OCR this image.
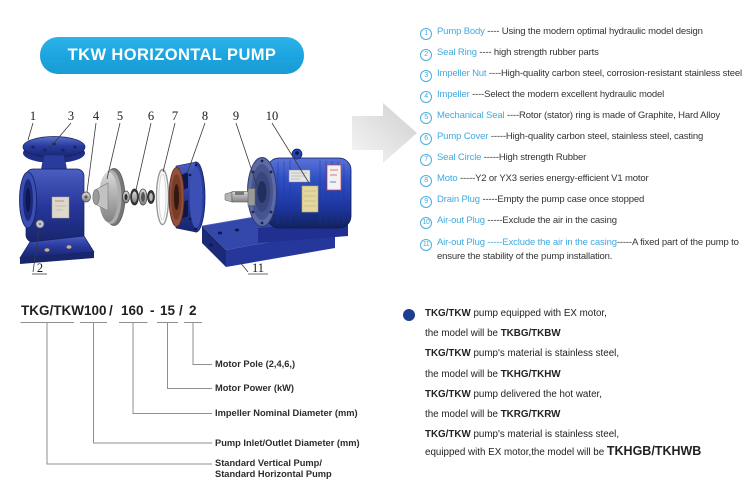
1	3 4 5 6 7 8 9 10
2	11
TKW HORIZONTAL PUMP

1 Pump Body ---- Using the modern optimal hydraulic model design

2 Seal Ring ---- high strength rubber parts

3 Impeller Nut ----High-quality carbon steel, corrosion-resistant stainless steel

4 Impeller ----Select the modern excellent hydraulic model

5 Mechanical Seal ----Rotor (stator) ring is made of Graphite, Hard Alloy

6 Pump Cover -----High-quality carbon steel, stainless steel, casting

7 Seal Circle -----High strength Rubber

8 Moto -----Y2 or YX3 series energy-efficient V1 motor

9 Drain Plug -----Empty the pump case once stopped

10 Air-out Plug -----Exclude the air in the casing

11 Air-out Plug -----Exclude the air in the casing-----A fixed part of the pump to ensure the stability of the pump installation.

TKG/TKW 100 / 160 - 15 / 2
Motor Pole (2,4,6,)
Motor Power (kW)
Impeller Nominal Diameter (mm)
Pump Inlet/Outlet Diameter (mm)
Standard Vertical Pump/
Standard Horizontal Pump
TKG/TKW pump equipped with EX motor,
the model will be TKBG/TKBW
TKG/TKW pump's material is stainless steel,
the model will be TKHG/TKHW
TKG/TKW pump delivered the hot water,
the model will be TKRG/TKRW
TKG/TKW pump's material is stainless steel,
equipped with EX motor,the model will be TKHGB/TKHWB
